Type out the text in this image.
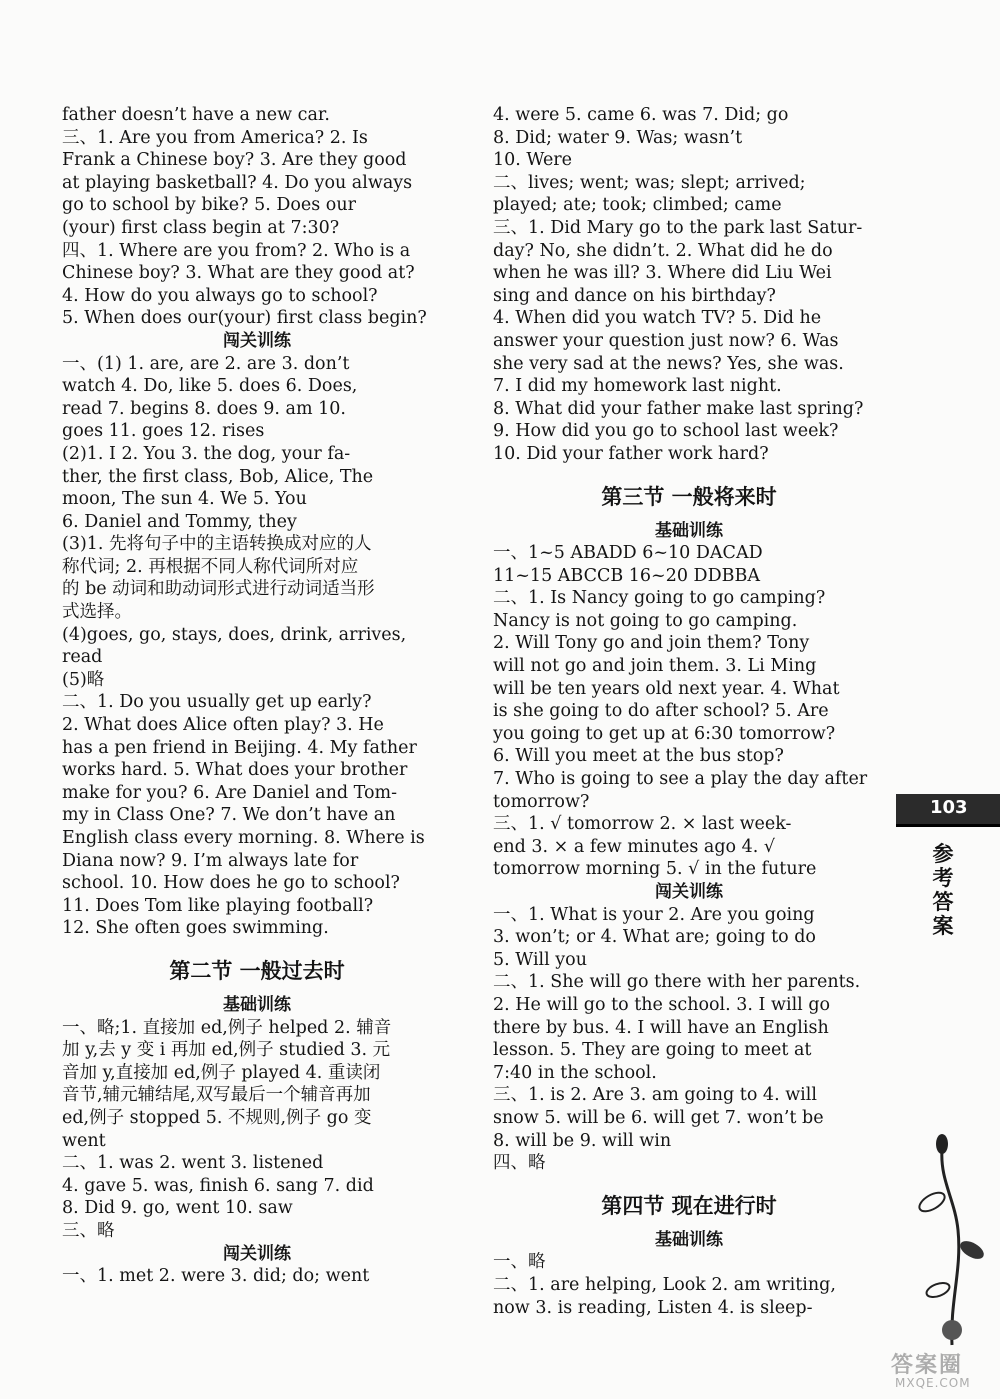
father doesn’t have a new car.
三、1. Are you from America? 2. Is
Frank a Chinese boy? 3. Are they good
at playing basketball? 4. Do you always
go to school by bike? 5. Does our
(your) first class begin at 7:30?
四、1. Where are you from? 2. Who is a
Chinese boy? 3. What are they good at?
4. How do you always go to school?
5. When does our(your) first class begin?
闯关训练
一、(1) 1. are, are 2. are 3. don’t
watch 4. Do, like 5. does 6. Does,
read 7. begins 8. does 9. am 10.
goes 11. goes 12. rises
(2)1. I 2. You 3. the dog, your fa-
ther, the first class, Bob, Alice, The
moon, The sun 4. We 5. You
6. Daniel and Tommy, they
(3)1. 先将句子中的主语转换成对应的人
称代词; 2. 再根据不同人称代词所对应
的 be 动词和助动词形式进行动词适当形
式选择。
(4)goes, go, stays, does, drink, arrives,
read
(5)略
二、1. Do you usually get up early?
2. What does Alice often play? 3. He
has a pen friend in Beijing. 4. My father
works hard. 5. What does your brother
make for you? 6. Are Daniel and Tom-
my in Class One? 7. We don’t have an
English class every morning. 8. Where is
Diana now? 9. I’m always late for
school. 10. How does he go to school?
11. Does Tom like playing football?
12. She often goes swimming.
第二节 一般过去时
基础训练
一、略;1. 直接加 ed,例子 helped 2. 辅音
加 y,去 y 变 i 再加 ed,例子 studied 3. 元
音加 y,直接加 ed,例子 played 4. 重读闭
音节,辅元辅结尾,双写最后一个辅音再加
ed,例子 stopped 5. 不规则,例子 go 变
went
二、1. was 2. went 3. listened
4. gave 5. was, finish 6. sang 7. did
8. Did 9. go, went 10. saw
三、略
闯关训练
一、1. met 2. were 3. did; do; went
4. were 5. came 6. was 7. Did; go
8. Did; water 9. Was; wasn’t
10. Were
二、lives; went; was; slept; arrived;
played; ate; took; climbed; came
三、1. Did Mary go to the park last Satur-
day? No, she didn’t. 2. What did he do
when he was ill? 3. Where did Liu Wei
sing and dance on his birthday?
4. When did you watch TV? 5. Did he
answer your question just now? 6. Was
she very sad at the news? Yes, she was.
7. I did my homework last night.
8. What did your father make last spring?
9. How did you go to school last week?
10. Did your father work hard?
第三节 一般将来时
基础训练
一、1~5 ABADD 6~10 DACAD
11~15 ABCCB 16~20 DDBBA
二、1. Is Nancy going to go camping?
Nancy is not going to go camping.
2. Will Tony go and join them? Tony
will not go and join them. 3. Li Ming
will be ten years old next year. 4. What
is she going to do after school? 5. Are
you going to get up at 6:30 tomorrow?
6. Will you meet at the bus stop?
7. Who is going to see a play the day after
tomorrow?
三、1. √ tomorrow 2. × last week-
end 3. × a few minutes ago 4. √
tomorrow morning 5. √ in the future
闯关训练
一、1. What is your 2. Are you going
3. won’t; or 4. What are; going to do
5. Will you
二、1. She will go there with her parents.
2. He will go to the school. 3. I will go
there by bus. 4. I will have an English
lesson. 5. They are going to meet at
7:40 in the school.
三、1. is 2. Are 3. am going to 4. will
snow 5. will be 6. will get 7. won’t be
8. will be 9. will win
四、略
第四节 现在进行时
基础训练
一、略
二、1. are helping, Look 2. am writing,
now 3. is reading, Listen 4. is sleep-
103
参考答案
答案圈
MXQE.COM
